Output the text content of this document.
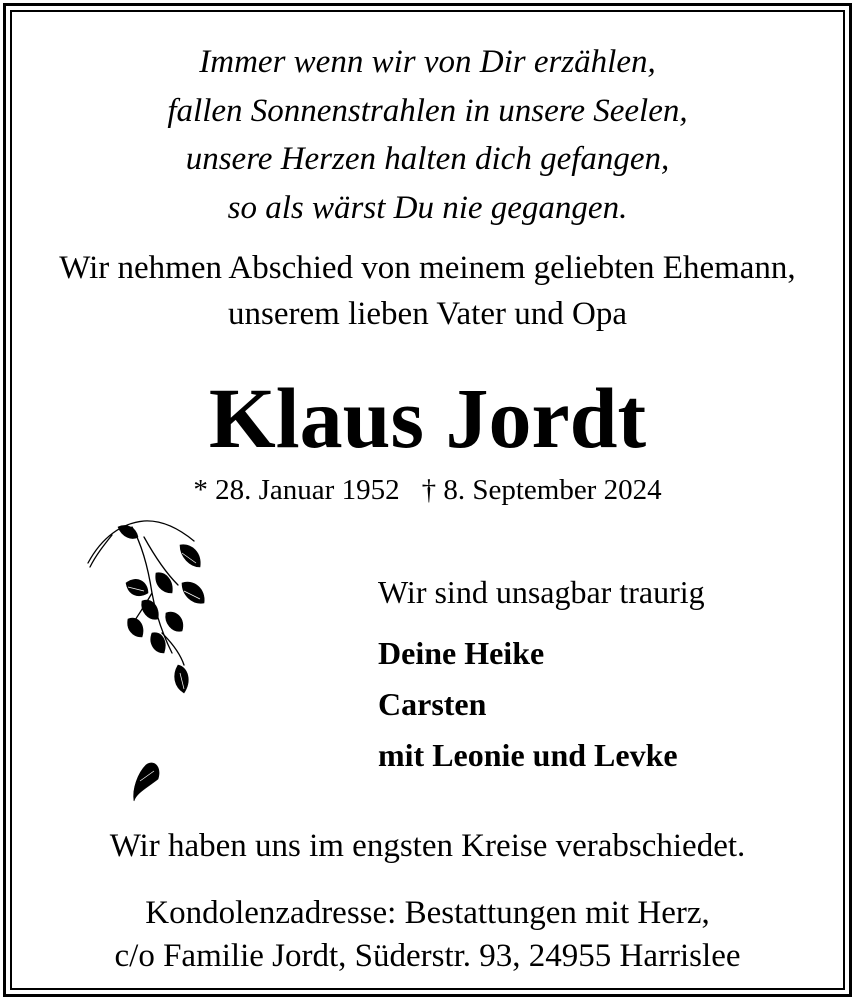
Immer wenn wir von Dir erzählen,
fallen Sonnenstrahlen in unsere Seelen,
unsere Herzen halten dich gefangen,
so als wärst Du nie gegangen.
Wir nehmen Abschied von meinem geliebten Ehemann,
unserem lieben Vater und Opa
Klaus Jordt
* 28. Januar 1952 † 8. September 2024
Wir sind unsagbar traurig
Deine Heike
Carsten
mit Leonie und Levke
Wir haben uns im engsten Kreise verabschiedet.
Kondolenzadresse: Bestattungen mit Herz,
c/o Familie Jordt, Süderstr. 93, 24955 Harrislee
